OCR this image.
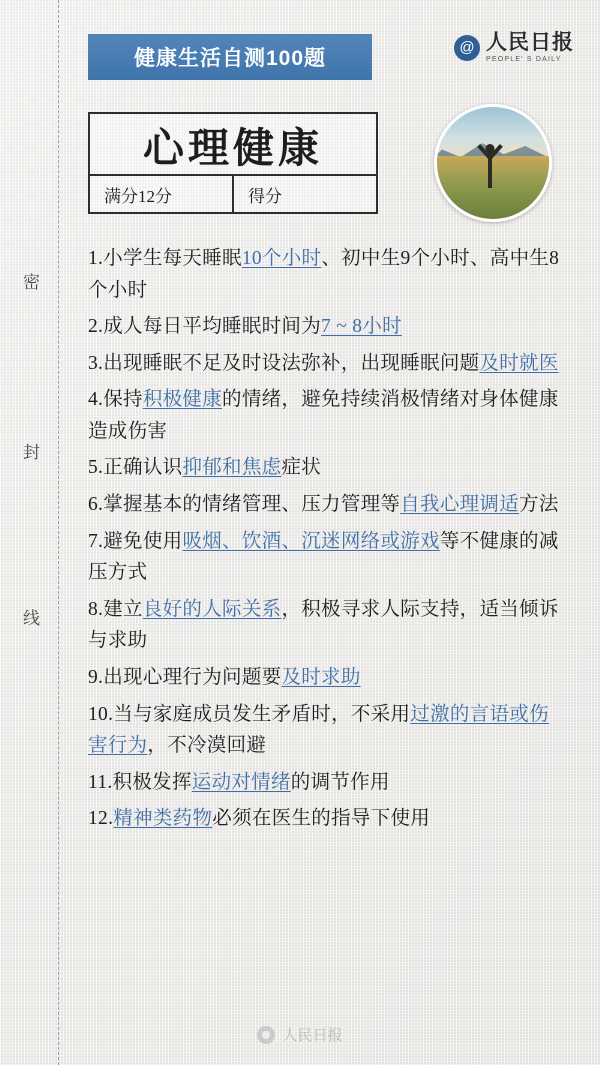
密
封
线
健康生活自测100题	@ 人民日报
PEOPLE' S DAILY
心理健康
满分12分	得分
1.小学生每天睡眠10个小时、初中生9个小时、高中生8个小时
2.成人每日平均睡眠时间为7 ~ 8小时
3.出现睡眠不足及时设法弥补，出现睡眠问题及时就医
4.保持积极健康的情绪，避免持续消极情绪对身体健康造成伤害
5.正确认识抑郁和焦虑症状
6.掌握基本的情绪管理、压力管理等自我心理调适方法
7.避免使用吸烟、饮酒、沉迷网络或游戏等不健康的减压方式
8.建立良好的人际关系，积极寻求人际支持，适当倾诉与求助
9.出现心理行为问题要及时求助
10.当与家庭成员发生矛盾时，不采用过激的言语或伤害行为，不冷漠回避
11.积极发挥运动对情绪的调节作用
12.精神类药物必须在医生的指导下使用
人民日报
